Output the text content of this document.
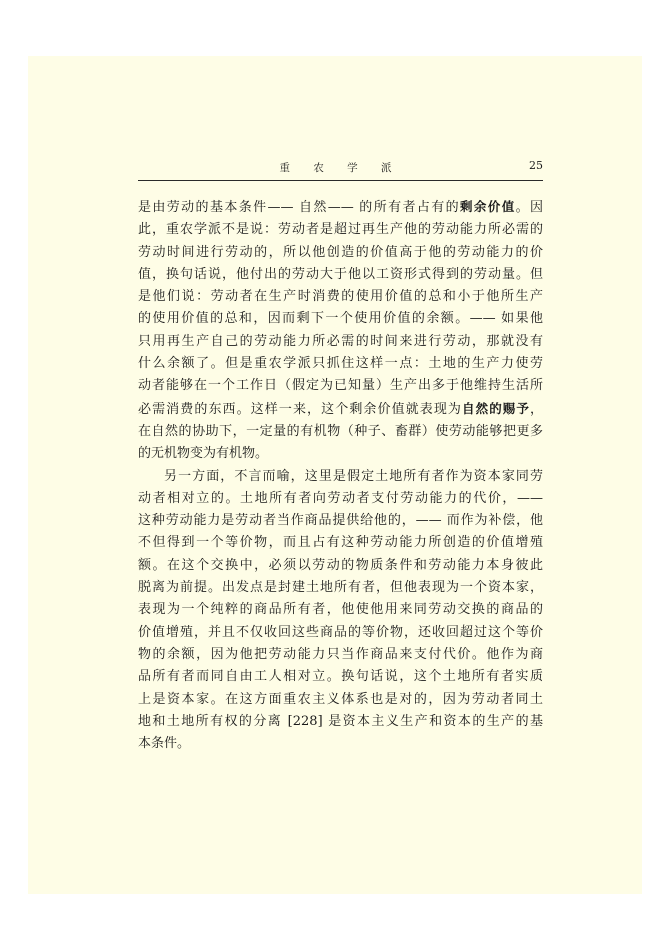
重 农 学 派	25

是由劳动的基本条件—— 自然—— 的所有者占有的剩余价值。因
此，重农学派不是说：劳动者是超过再生产他的劳动能力所必需的
劳动时间进行劳动的，所以他创造的价值高于他的劳动能力的价
值，换句话说，他付出的劳动大于他以工资形式得到的劳动量。但
是他们说：劳动者在生产时消费的使用价值的总和小于他所生产
的使用价值的总和，因而剩下一个使用价值的余额。—— 如果他
只用再生产自己的劳动能力所必需的时间来进行劳动，那就没有
什么余额了。但是重农学派只抓住这样一点：土地的生产力使劳
动者能够在一个工作日（假定为已知量）生产出多于他维持生活所
必需消费的东西。这样一来，这个剩余价值就表现为自然的赐予，
在自然的协助下，一定量的有机物（种子、畜群）使劳动能够把更多
的无机物变为有机物。

另一方面，不言而喻，这里是假定土地所有者作为资本家同劳
动者相对立的。土地所有者向劳动者支付劳动能力的代价，——
这种劳动能力是劳动者当作商品提供给他的，—— 而作为补偿，他
不但得到一个等价物，而且占有这种劳动能力所创造的价值增殖
额。在这个交换中，必须以劳动的物质条件和劳动能力本身彼此
脱离为前提。出发点是封建土地所有者，但他表现为一个资本家，
表现为一个纯粹的商品所有者，他使他用来同劳动交换的商品的
价值增殖，并且不仅收回这些商品的等价物，还收回超过这个等价
物的余额，因为他把劳动能力只当作商品来支付代价。他作为商
品所有者而同自由工人相对立。换句话说，这个土地所有者实质
上是资本家。在这方面重农主义体系也是对的，因为劳动者同土
地和土地所有权的分离 [228] 是资本主义生产和资本的生产的基
本条件。
